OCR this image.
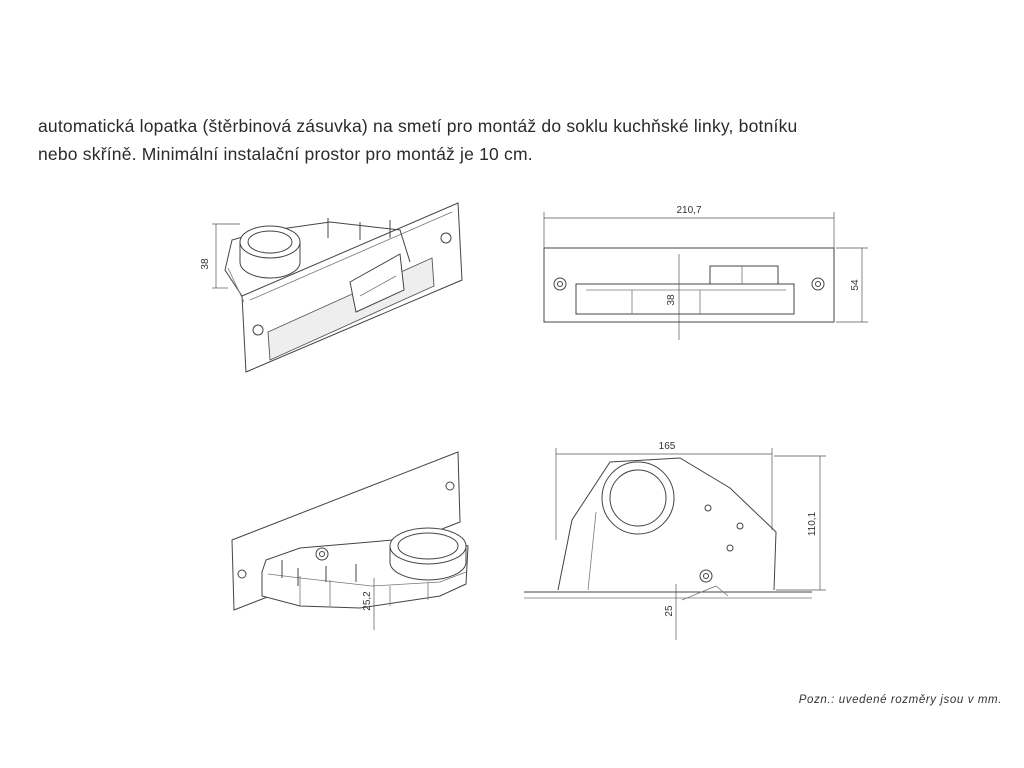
automatická lopatka (štěrbinová zásuvka) na smetí pro montáž do soklu kuchňské linky, botníku
nebo skříně. Minimální instalační prostor pro montáž je 10 cm.
38
210,7
54
38
25,2
165
110,1
25
Pozn.: uvedené rozměry jsou v mm.
